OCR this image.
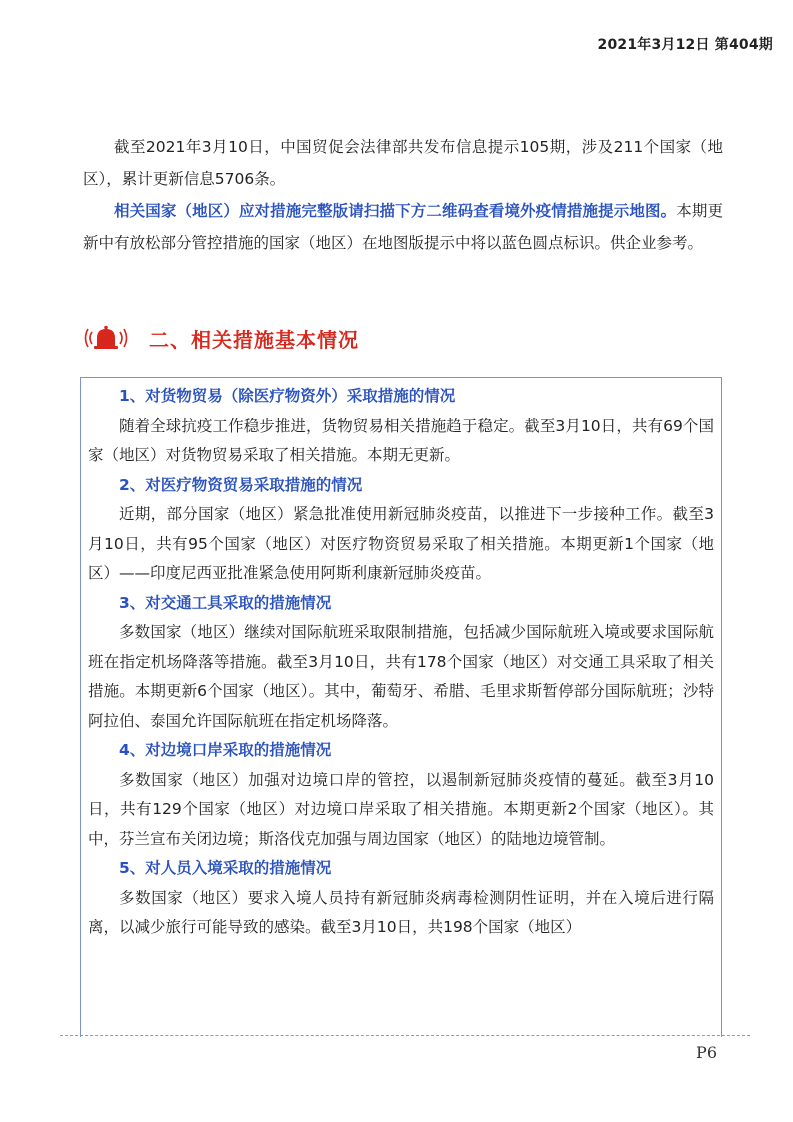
2021年3月12日 第404期

截至2021年3月10日，中国贸促会法律部共发布信息提示105期，涉及211个国家（地区），累计更新信息5706条。

相关国家（地区）应对措施完整版请扫描下方二维码查看境外疫情措施提示地图。本期更新中有放松部分管控措施的国家（地区）在地图版提示中将以蓝色圆点标识。供企业参考。

二、相关措施基本情况
1、对货物贸易（除医疗物资外）采取措施的情况

随着全球抗疫工作稳步推进，货物贸易相关措施趋于稳定。截至3月10日，共有69个国家（地区）对货物贸易采取了相关措施。本期无更新。

2、对医疗物资贸易采取措施的情况

近期，部分国家（地区）紧急批准使用新冠肺炎疫苗，以推进下一步接种工作。截至3月10日，共有95个国家（地区）对医疗物资贸易采取了相关措施。本期更新1个国家（地区）——印度尼西亚批准紧急使用阿斯利康新冠肺炎疫苗。

3、对交通工具采取的措施情况

多数国家（地区）继续对国际航班采取限制措施，包括减少国际航班入境或要求国际航班在指定机场降落等措施。截至3月10日，共有178个国家（地区）对交通工具采取了相关措施。本期更新6个国家（地区）。其中，葡萄牙、希腊、毛里求斯暂停部分国际航班；沙特阿拉伯、泰国允许国际航班在指定机场降落。

4、对边境口岸采取的措施情况

多数国家（地区）加强对边境口岸的管控，以遏制新冠肺炎疫情的蔓延。截至3月10日，共有129个国家（地区）对边境口岸采取了相关措施。本期更新2个国家（地区）。其中，芬兰宣布关闭边境；斯洛伐克加强与周边国家（地区）的陆地边境管制。

5、对人员入境采取的措施情况

多数国家（地区）要求入境人员持有新冠肺炎病毒检测阴性证明，并在入境后进行隔离，以减少旅行可能导致的感染。截至3月10日，共198个国家（地区）

P6
